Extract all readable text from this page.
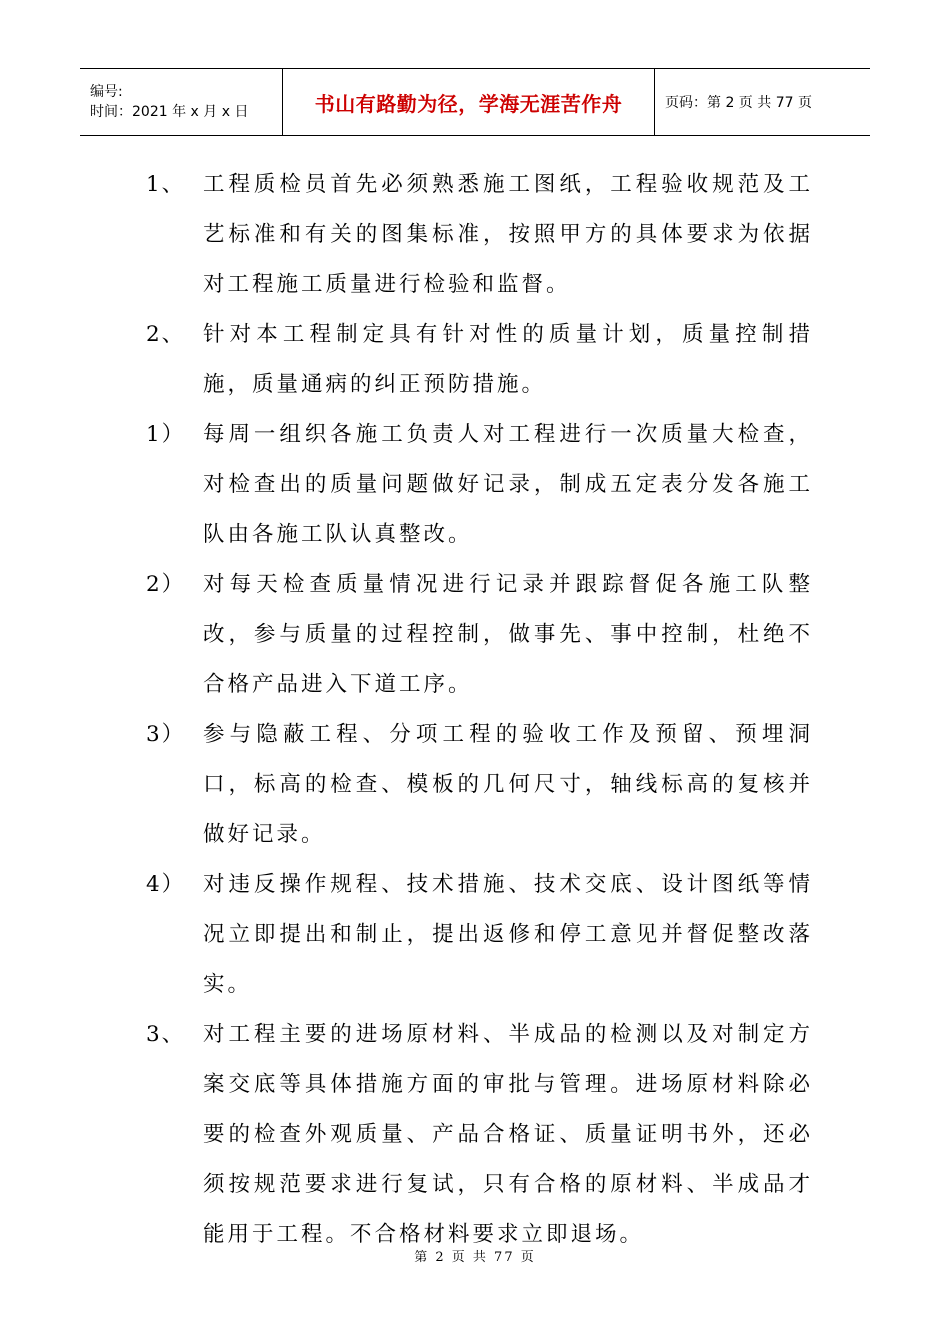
编号:
时间：2021 年 x 月 x 日	书山有路勤为径，学海无涯苦作舟	页码：第 2 页 共 77 页
1、 工程质检员首先必须熟悉施工图纸，工程验收规范及工艺标准和有关的图集标准，按照甲方的具体要求为依据对工程施工质量进行检验和监督。
2、 针对本工程制定具有针对性的质量计划，质量控制措施，质量通病的纠正预防措施。
1） 每周一组织各施工负责人对工程进行一次质量大检查，对检查出的质量问题做好记录，制成五定表分发各施工队由各施工队认真整改。
2） 对每天检查质量情况进行记录并跟踪督促各施工队整改，参与质量的过程控制，做事先、事中控制，杜绝不合格产品进入下道工序。
3） 参与隐蔽工程、分项工程的验收工作及预留、预埋洞口，标高的检查、模板的几何尺寸，轴线标高的复核并做好记录。
4） 对违反操作规程、技术措施、技术交底、设计图纸等情况立即提出和制止，提出返修和停工意见并督促整改落实。
3、 对工程主要的进场原材料、半成品的检测以及对制定方案交底等具体措施方面的审批与管理。进场原材料除必要的检查外观质量、产品合格证、质量证明书外，还必须按规范要求进行复试，只有合格的原材料、半成品才能用于工程。不合格材料要求立即退场。
第 2 页 共 77 页
